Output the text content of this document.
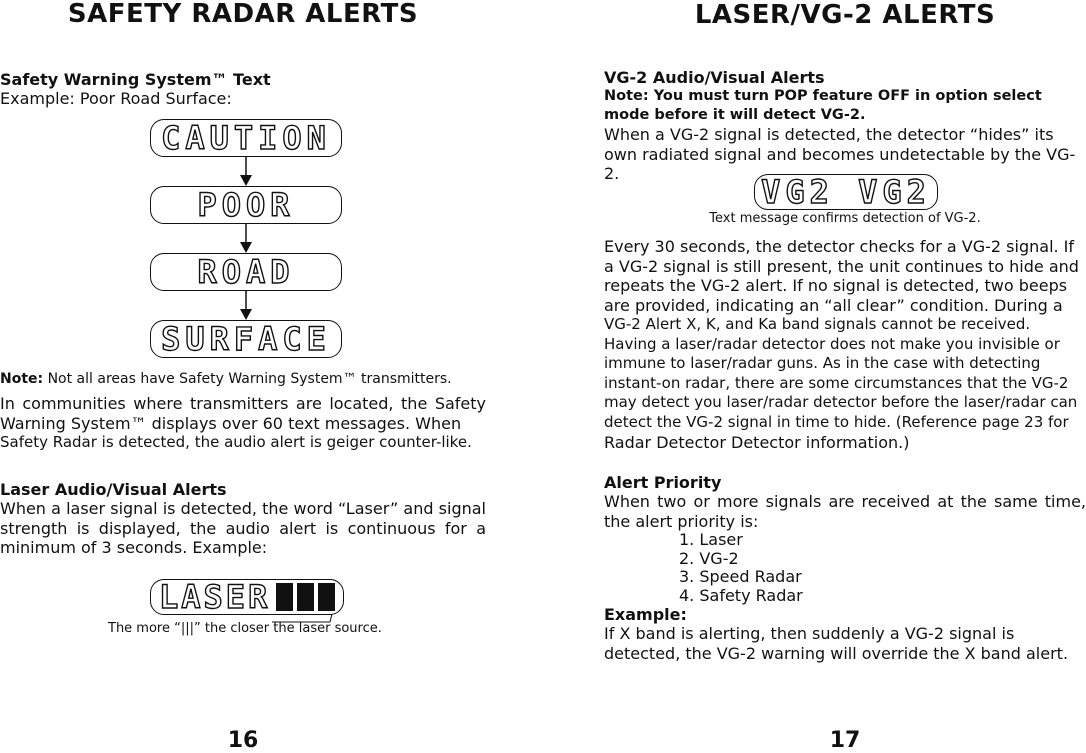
SAFETY RADAR ALERTS
Safety Warning System™ Text
Example: Poor Road Surface:
CAUTION
POOR
ROAD
SURFACE
Note: Not all areas have Safety Warning System™ transmitters.
In communities where transmitters are located, the Safety Warning System™ displays over 60 text messages. When
Safety Radar is detected, the audio alert is geiger counter-like.
Laser Audio/Visual Alerts
When a laser signal is detected, the word “Laser” and signal strength is displayed, the audio alert is continuous for a minimum of 3 seconds. Example:
LASER
The more “|||” the closer the laser source.
16
LASER/VG-2 ALERTS
VG-2 Audio/Visual Alerts
Note: You must turn POP feature OFF in option select mode before it will detect VG-2.
When a VG-2 signal is detected, the detector “hides” its own radiated signal and becomes undetectable by the VG-2.	VG2 VG2
Text message confirms detection of VG-2.
Every 30 seconds, the detector checks for a VG-2 signal. If a VG-2 signal is still present, the unit continues to hide and repeats the VG-2 alert. If no signal is detected, two beeps are provided, indicating an “all clear” condition. During a
VG-2 Alert X, K, and Ka band signals cannot be received. Having a laser/radar detector does not make you invisible or immune to laser/radar guns. As in the case with detecting instant-on radar, there are some circumstances that the VG-2 may detect you laser/radar detector before the laser/radar can detect the VG-2 signal in time to hide. (Reference page 23 for
Radar Detector Detector information.)
Alert Priority
When two or more signals are received at the same time, the alert priority is:
1. Laser
2. VG-2
3. Speed Radar
4. Safety Radar
Example:
If X band is alerting, then suddenly a VG-2 signal is detected, the VG-2 warning will override the X band alert.
17
